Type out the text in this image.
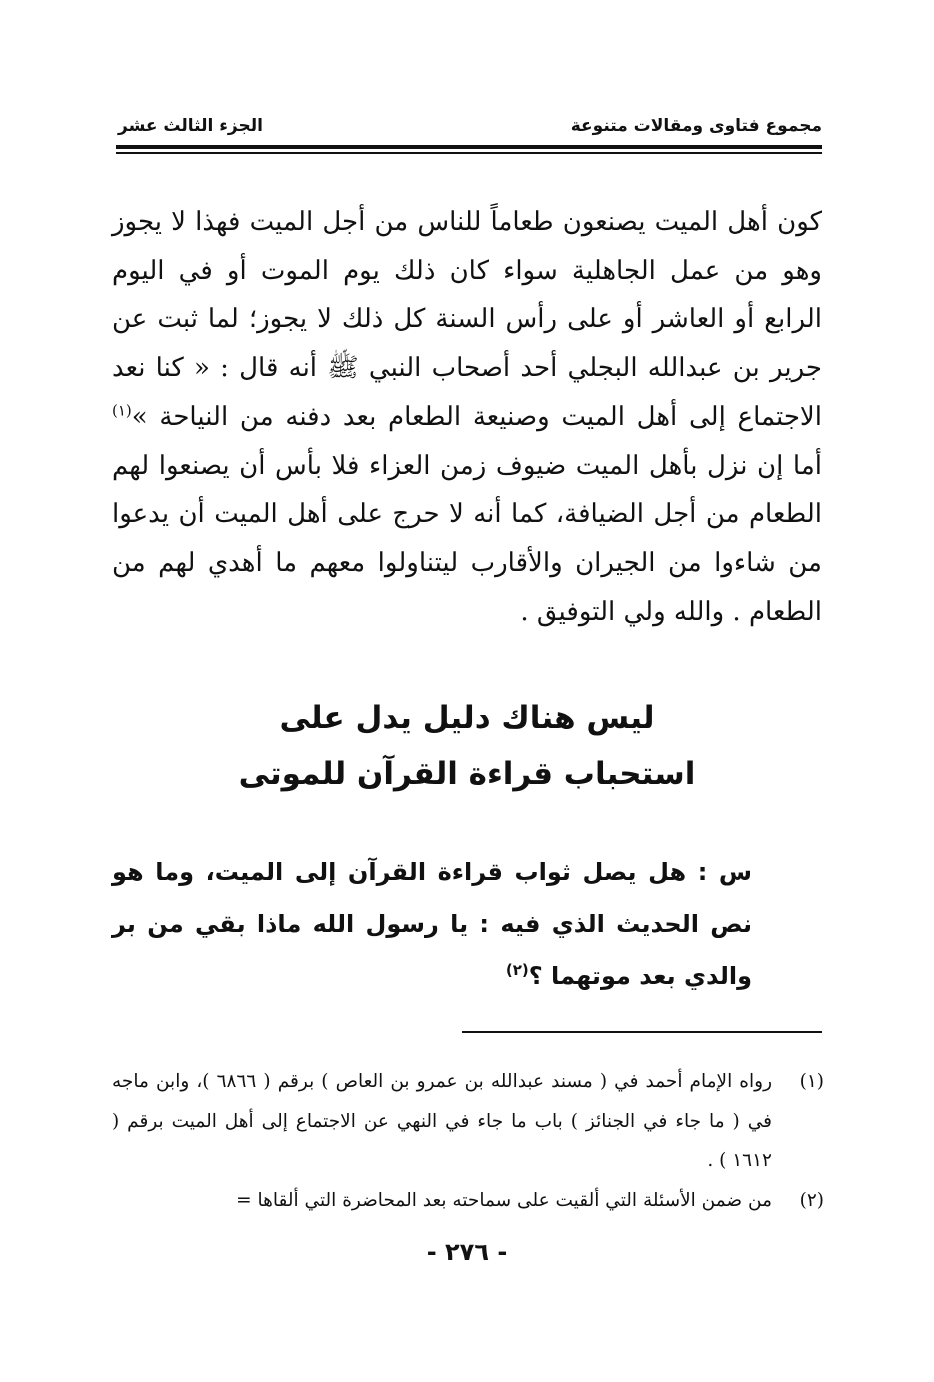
مجموع فتاوى ومقالات متنوعة
الجزء الثالث عشر

كون أهل الميت يصنعون طعاماً للناس من أجل الميت فهذا لا يجوز وهو من عمل الجاهلية سواء كان ذلك يوم الموت أو في اليوم الرابع أو العاشر أو على رأس السنة كل ذلك لا يجوز؛ لما ثبت عن جرير بن عبدالله البجلي أحد أصحاب النبي ﷺ أنه قال : « كنا نعد الاجتماع إلى أهل الميت وصنيعة الطعام بعد دفنه من النياحة »$^{(١)}$ أما إن نزل بأهل الميت ضيوف زمن العزاء فلا بأس أن يصنعوا لهم الطعام من أجل الضيافة، كما أنه لا حرج على أهل الميت أن يدعوا من شاءوا من الجيران والأقارب ليتناولوا معهم ما أهدي لهم من الطعام . والله ولي التوفيق .

ليس هناك دليل يدل على
استحباب قراءة القرآن للموتى

س : هل يصل ثواب قراءة القرآن إلى الميت، وما هو نص الحديث الذي فيه : يا رسول الله ماذا بقي من بر والدي بعد موتهما ؟$^{(٢)}$

(١)
رواه الإمام أحمد في ( مسند عبدالله بن عمرو بن العاص ) برقم ( ٦٨٦٦ )، وابن ماجه في ( ما جاء في الجنائز ) باب ما جاء في النهي عن الاجتماع إلى أهل الميت برقم ( ١٦١٢ ) .
(٢)
من ضمن الأسئلة التي ألقيت على سماحته بعد المحاضرة التي ألقاها =
- ٢٧٦ -
